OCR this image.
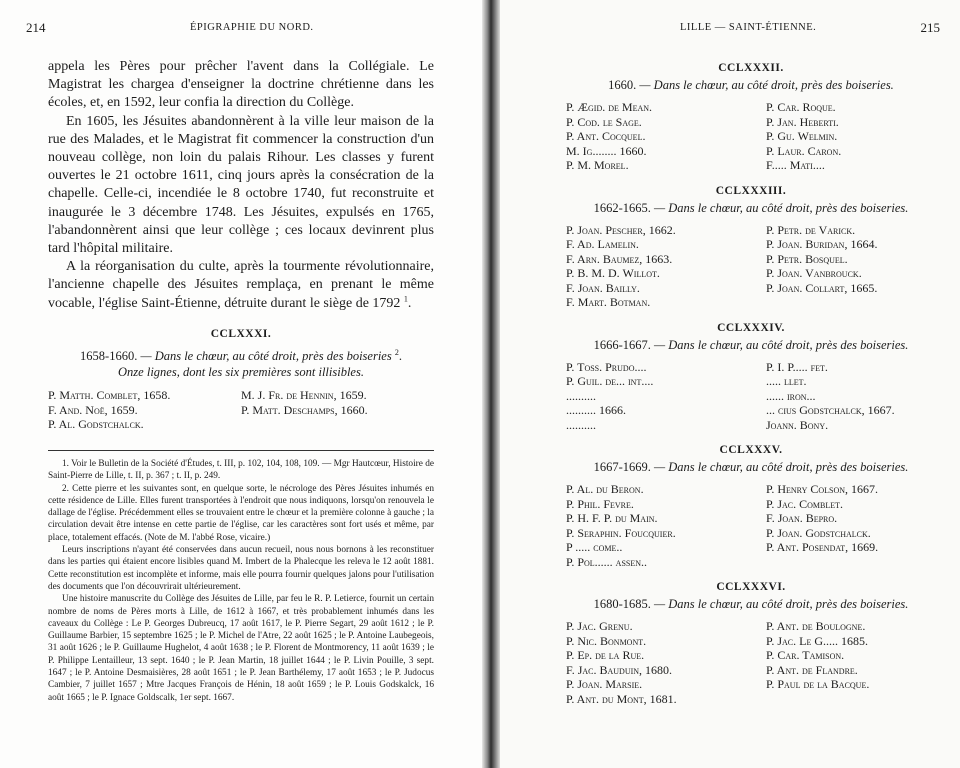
214	ÉPIGRAPHIE DU NORD.

appela les Pères pour prêcher l'avent dans la Collégiale. Le Magistrat les chargea d'enseigner la doctrine chrétienne dans les écoles, et, en 1592, leur confia la direction du Collège.

En 1605, les Jésuites abandonnèrent à la ville leur maison de la rue des Malades, et le Magistrat fit commencer la construction d'un nouveau collège, non loin du palais Rihour. Les classes y furent ouvertes le 21 octobre 1611, cinq jours après la consécration de la chapelle. Celle-ci, incendiée le 8 octobre 1740, fut reconstruite et inaugurée le 3 décembre 1748. Les Jésuites, expulsés en 1765, l'abandonnèrent ainsi que leur collège ; ces locaux devinrent plus tard l'hôpital militaire.

A la réorganisation du culte, après la tourmente révolutionnaire, l'ancienne chapelle des Jésuites remplaça, en prenant le même vocable, l'église Saint-Étienne, détruite durant le siège de 1792 $^1$.

CCLXXXI.
1658-1660. — Dans le chœur, au côté droit, près des boiseries $^2$.
Onze lignes, dont les six premières sont illisibles.
P. Matth. Comblet, 1658.
F. And. Noë, 1659.
P. Al. Godstchalck.
M. J. Fr. de Hennin, 1659.
P. Matt. Deschamps, 1660.

1. Voir le Bulletin de la Société d'Études, t. III, p. 102, 104, 108, 109. — Mgr Hautcœur, Histoire de Saint-Pierre de Lille, t. II, p. 367 ; t. II, p. 249.

2. Cette pierre et les suivantes sont, en quelque sorte, le nécrologe des Pères Jésuites inhumés en cette résidence de Lille. Elles furent transportées à l'endroit que nous indiquons, lorsqu'on renouvela le dallage de l'église. Précédemment elles se trouvaient entre le chœur et la première colonne à gauche ; la circulation devait être intense en cette partie de l'église, car les caractères sont fort usés et même, par place, totalement effacés. (Note de M. l'abbé Rose, vicaire.)

Leurs inscriptions n'ayant été conservées dans aucun recueil, nous nous bornons à les reconstituer dans les parties qui étaient encore lisibles quand M. Imbert de la Phalecque les releva le 12 août 1881. Cette reconstitution est incomplète et informe, mais elle pourra fournir quelques jalons pour l'utilisation des documents que l'on découvrirait ultérieurement.

Une histoire manuscrite du Collège des Jésuites de Lille, par feu le R. P. Letierce, fournit un certain nombre de noms de Pères morts à Lille, de 1612 à 1667, et très probablement inhumés dans les caveaux du Collège : Le P. Georges Dubreucq, 17 août 1617, le P. Pierre Segart, 29 août 1612 ; le P. Guillaume Barbier, 15 septembre 1625 ; le P. Michel de l'Atre, 22 août 1625 ; le P. Antoine Laubegeois, 31 août 1626 ; le P. Guillaume Hughelot, 4 août 1638 ; le P. Florent de Montmorency, 11 août 1639 ; le P. Philippe Lentailleur, 13 sept. 1640 ; le P. Jean Martin, 18 juillet 1644 ; le P. Livin Pouille, 3 sept. 1647 ; le P. Antoine Desmaisières, 28 août 1651 ; le P. Jean Barthélemy, 17 août 1653 ; le P. Judocus Cambier, 7 juillet 1657 ; Mtre Jacques François de Hénin, 18 août 1659 ; le P. Louis Godskalck, 16 août 1665 ; le P. Ignace Goldscalk, 1er sept. 1667.

LILLE — SAINT-ÉTIENNE.	215
CCLXXXII.
1660. — Dans le chœur, au côté droit, près des boiseries.
P. Ægid. de Mean.
P. Cod. le Sage.
P. Ant. Cocquel.
M. Ig........ 1660.
P. M. Morel.
P. Car. Roque.
P. Jan. Heberti.
P. Gu. Welmin.
P. Laur. Caron.
F..... Mati....
CCLXXXIII.
1662-1665. — Dans le chœur, au côté droit, près des boiseries.
P. Joan. Pescher, 1662.
F. Ad. Lamelin.
F. Arn. Baumez, 1663.
P. B. M. D. Willot.
F. Joan. Bailly.
F. Mart. Botman.
P. Petr. de Varick.
P. Joan. Buridan, 1664.
P. Petr. Bosquel.
P. Joan. Vanbrouck.
P. Joan. Collart, 1665.
CCLXXXIV.
1666-1667. — Dans le chœur, au côté droit, près des boiseries.
P. Toss. Prudo....
P. Guil. de... int....
..........
.......... 1666.
..........
P. I. P..... fet.
..... llet.
...... iron...
... cius Godstchalck, 1667.
Joann. Bony.
CCLXXXV.
1667-1669. — Dans le chœur, au côté droit, près des boiseries.
P. Al. du Beron.
P. Phil. Fevre.
P. H. F. P. du Main.
P. Seraphin. Foucquier.
P ..... come..
P. Pol...... assen..
P. Henry Colson, 1667.
P. Jac. Comblet.
F. Joan. Bepro.
P. Joan. Godstchalck.
P. Ant. Posendat, 1669.
CCLXXXVI.
1680-1685. — Dans le chœur, au côté droit, près des boiseries.
P. Jac. Grenu.
P. Nic. Bonmont.
P. Ep. de la Rue.
F. Jac. Bauduin, 1680.
P. Joan. Marsie.
P. Ant. du Mont, 1681.
P. Ant. de Boulogne.
P. Jac. Le G..... 1685.
P. Car. Tamison.
P. Ant. de Flandre.
P. Paul de la Bacque.
